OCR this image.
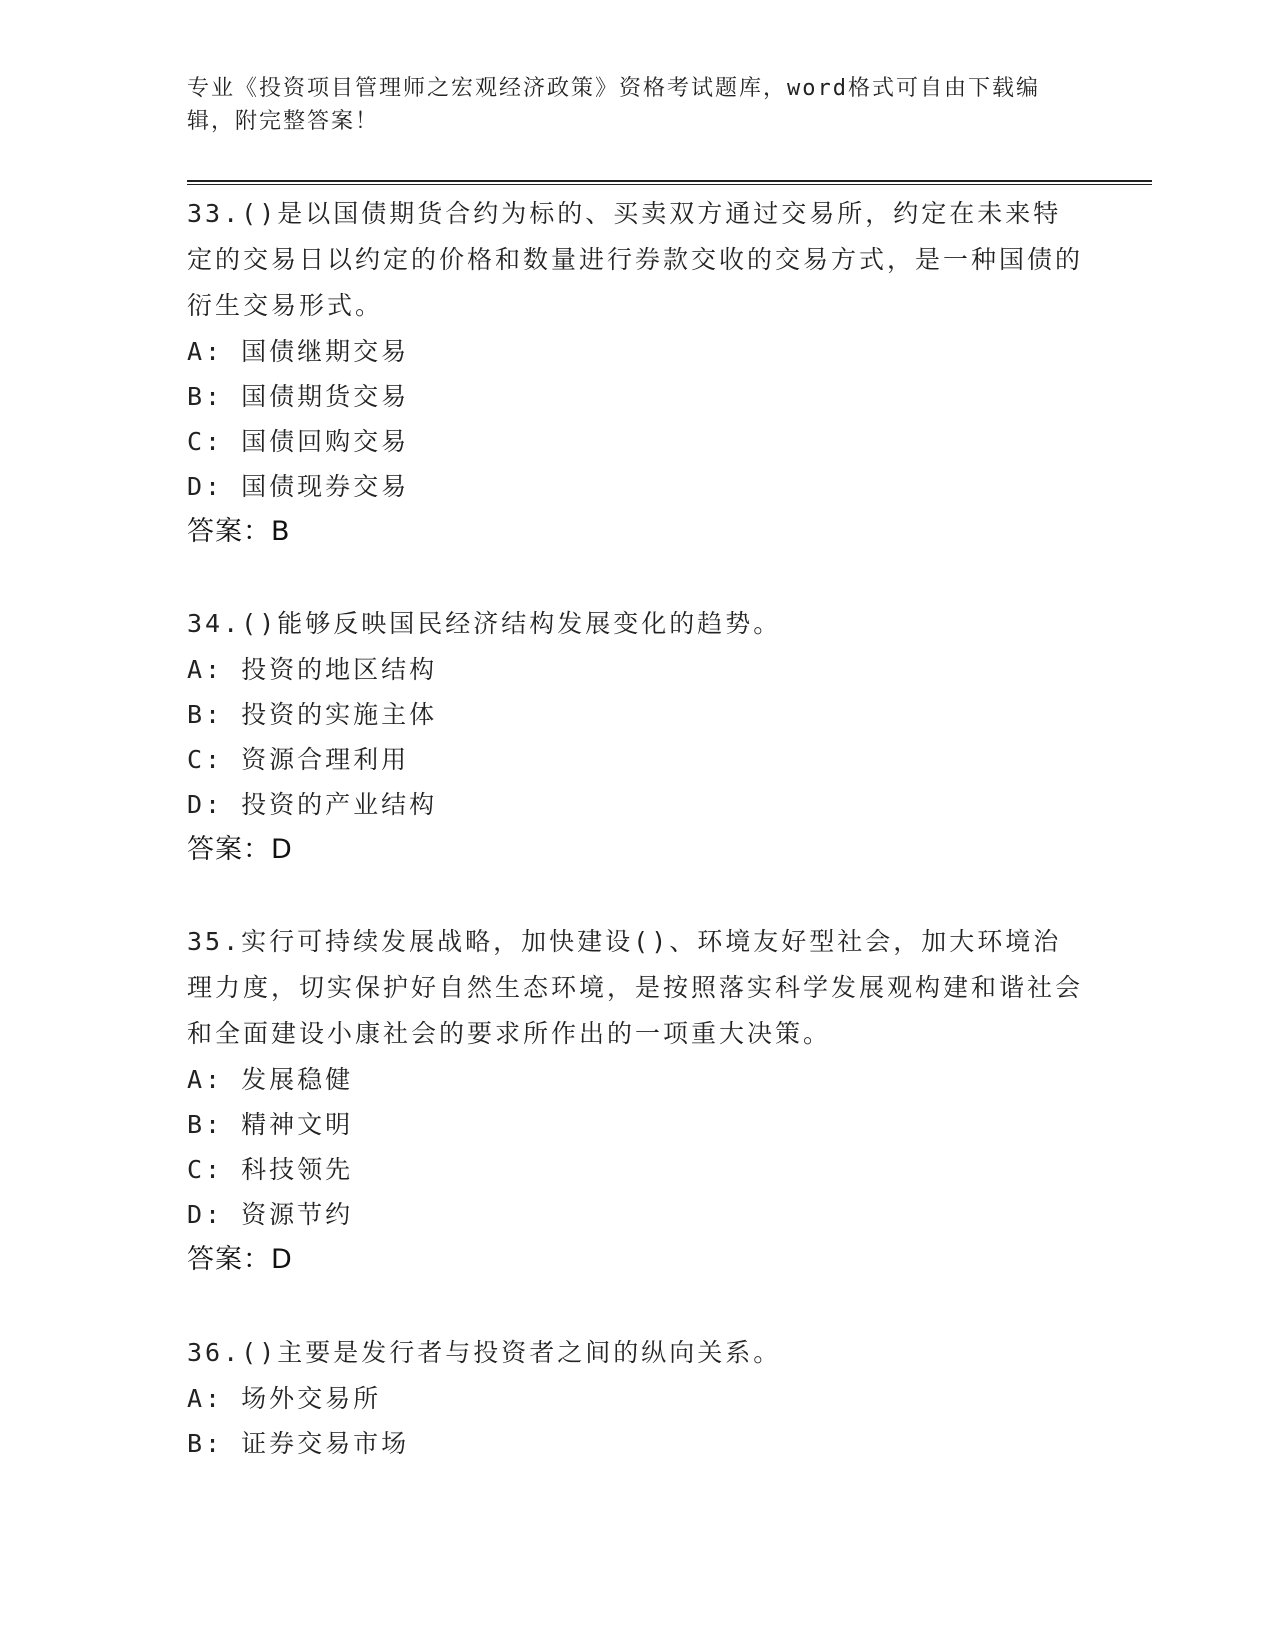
专业《投资项目管理师之宏观经济政策》资格考试题库，word格式可自由下载编辑，附完整答案！

33.()是以国债期货合约为标的、买卖双方通过交易所，约定在未来特定的交易日以约定的价格和数量进行券款交收的交易方式，是一种国债的衍生交易形式。

A: 国债继期交易

B: 国债期货交易

C: 国债回购交易

D: 国债现券交易

答案：B

34.()能够反映国民经济结构发展变化的趋势。

A: 投资的地区结构

B: 投资的实施主体

C: 资源合理利用

D: 投资的产业结构

答案：D

35.实行可持续发展战略，加快建设()、环境友好型社会，加大环境治理力度，切实保护好自然生态环境，是按照落实科学发展观构建和谐社会和全面建设小康社会的要求所作出的一项重大决策。

A: 发展稳健

B: 精神文明

C: 科技领先

D: 资源节约

答案：D

36.()主要是发行者与投资者之间的纵向关系。

A: 场外交易所

B: 证券交易市场
